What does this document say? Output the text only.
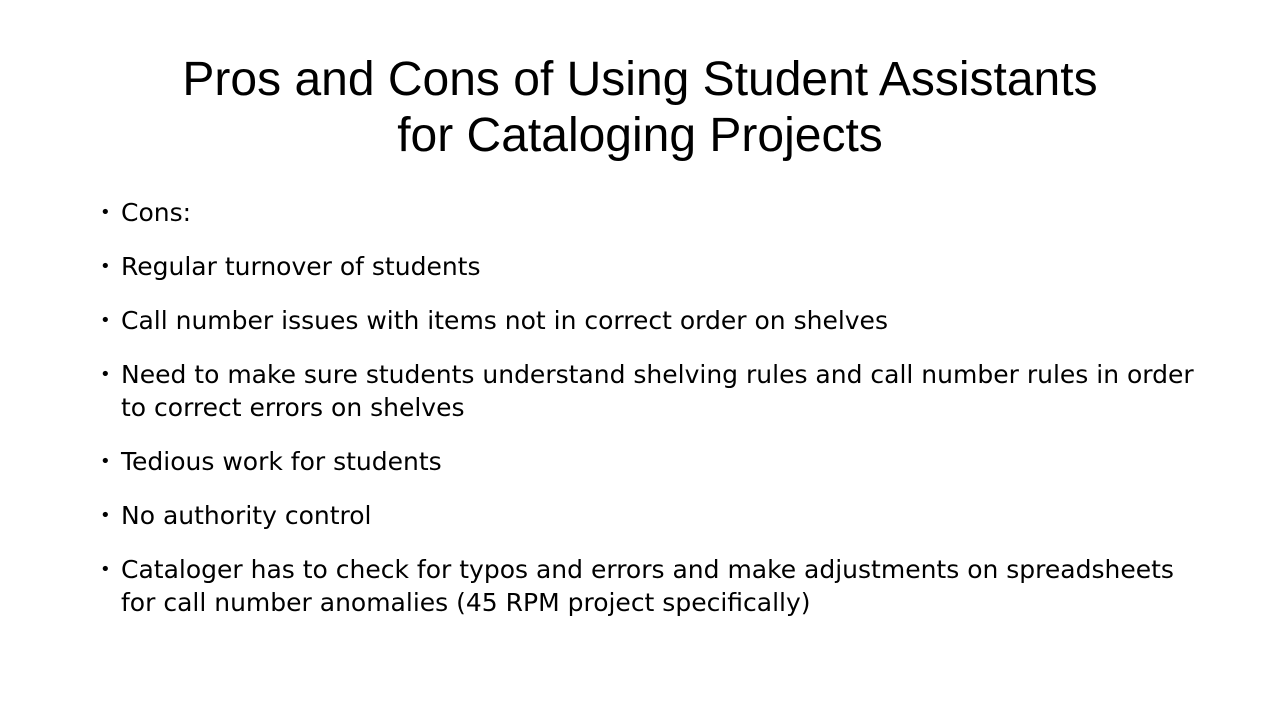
Pros and Cons of Using Student Assistants for Cataloging Projects
• Cons:
• Regular turnover of students
• Call number issues with items not in correct order on shelves
• Need to make sure students understand shelving rules and call number rules in order to correct errors on shelves
• Tedious work for students
• No authority control
• Cataloger has to check for typos and errors and make adjustments on spreadsheets for call number anomalies (45 RPM project specifically)
